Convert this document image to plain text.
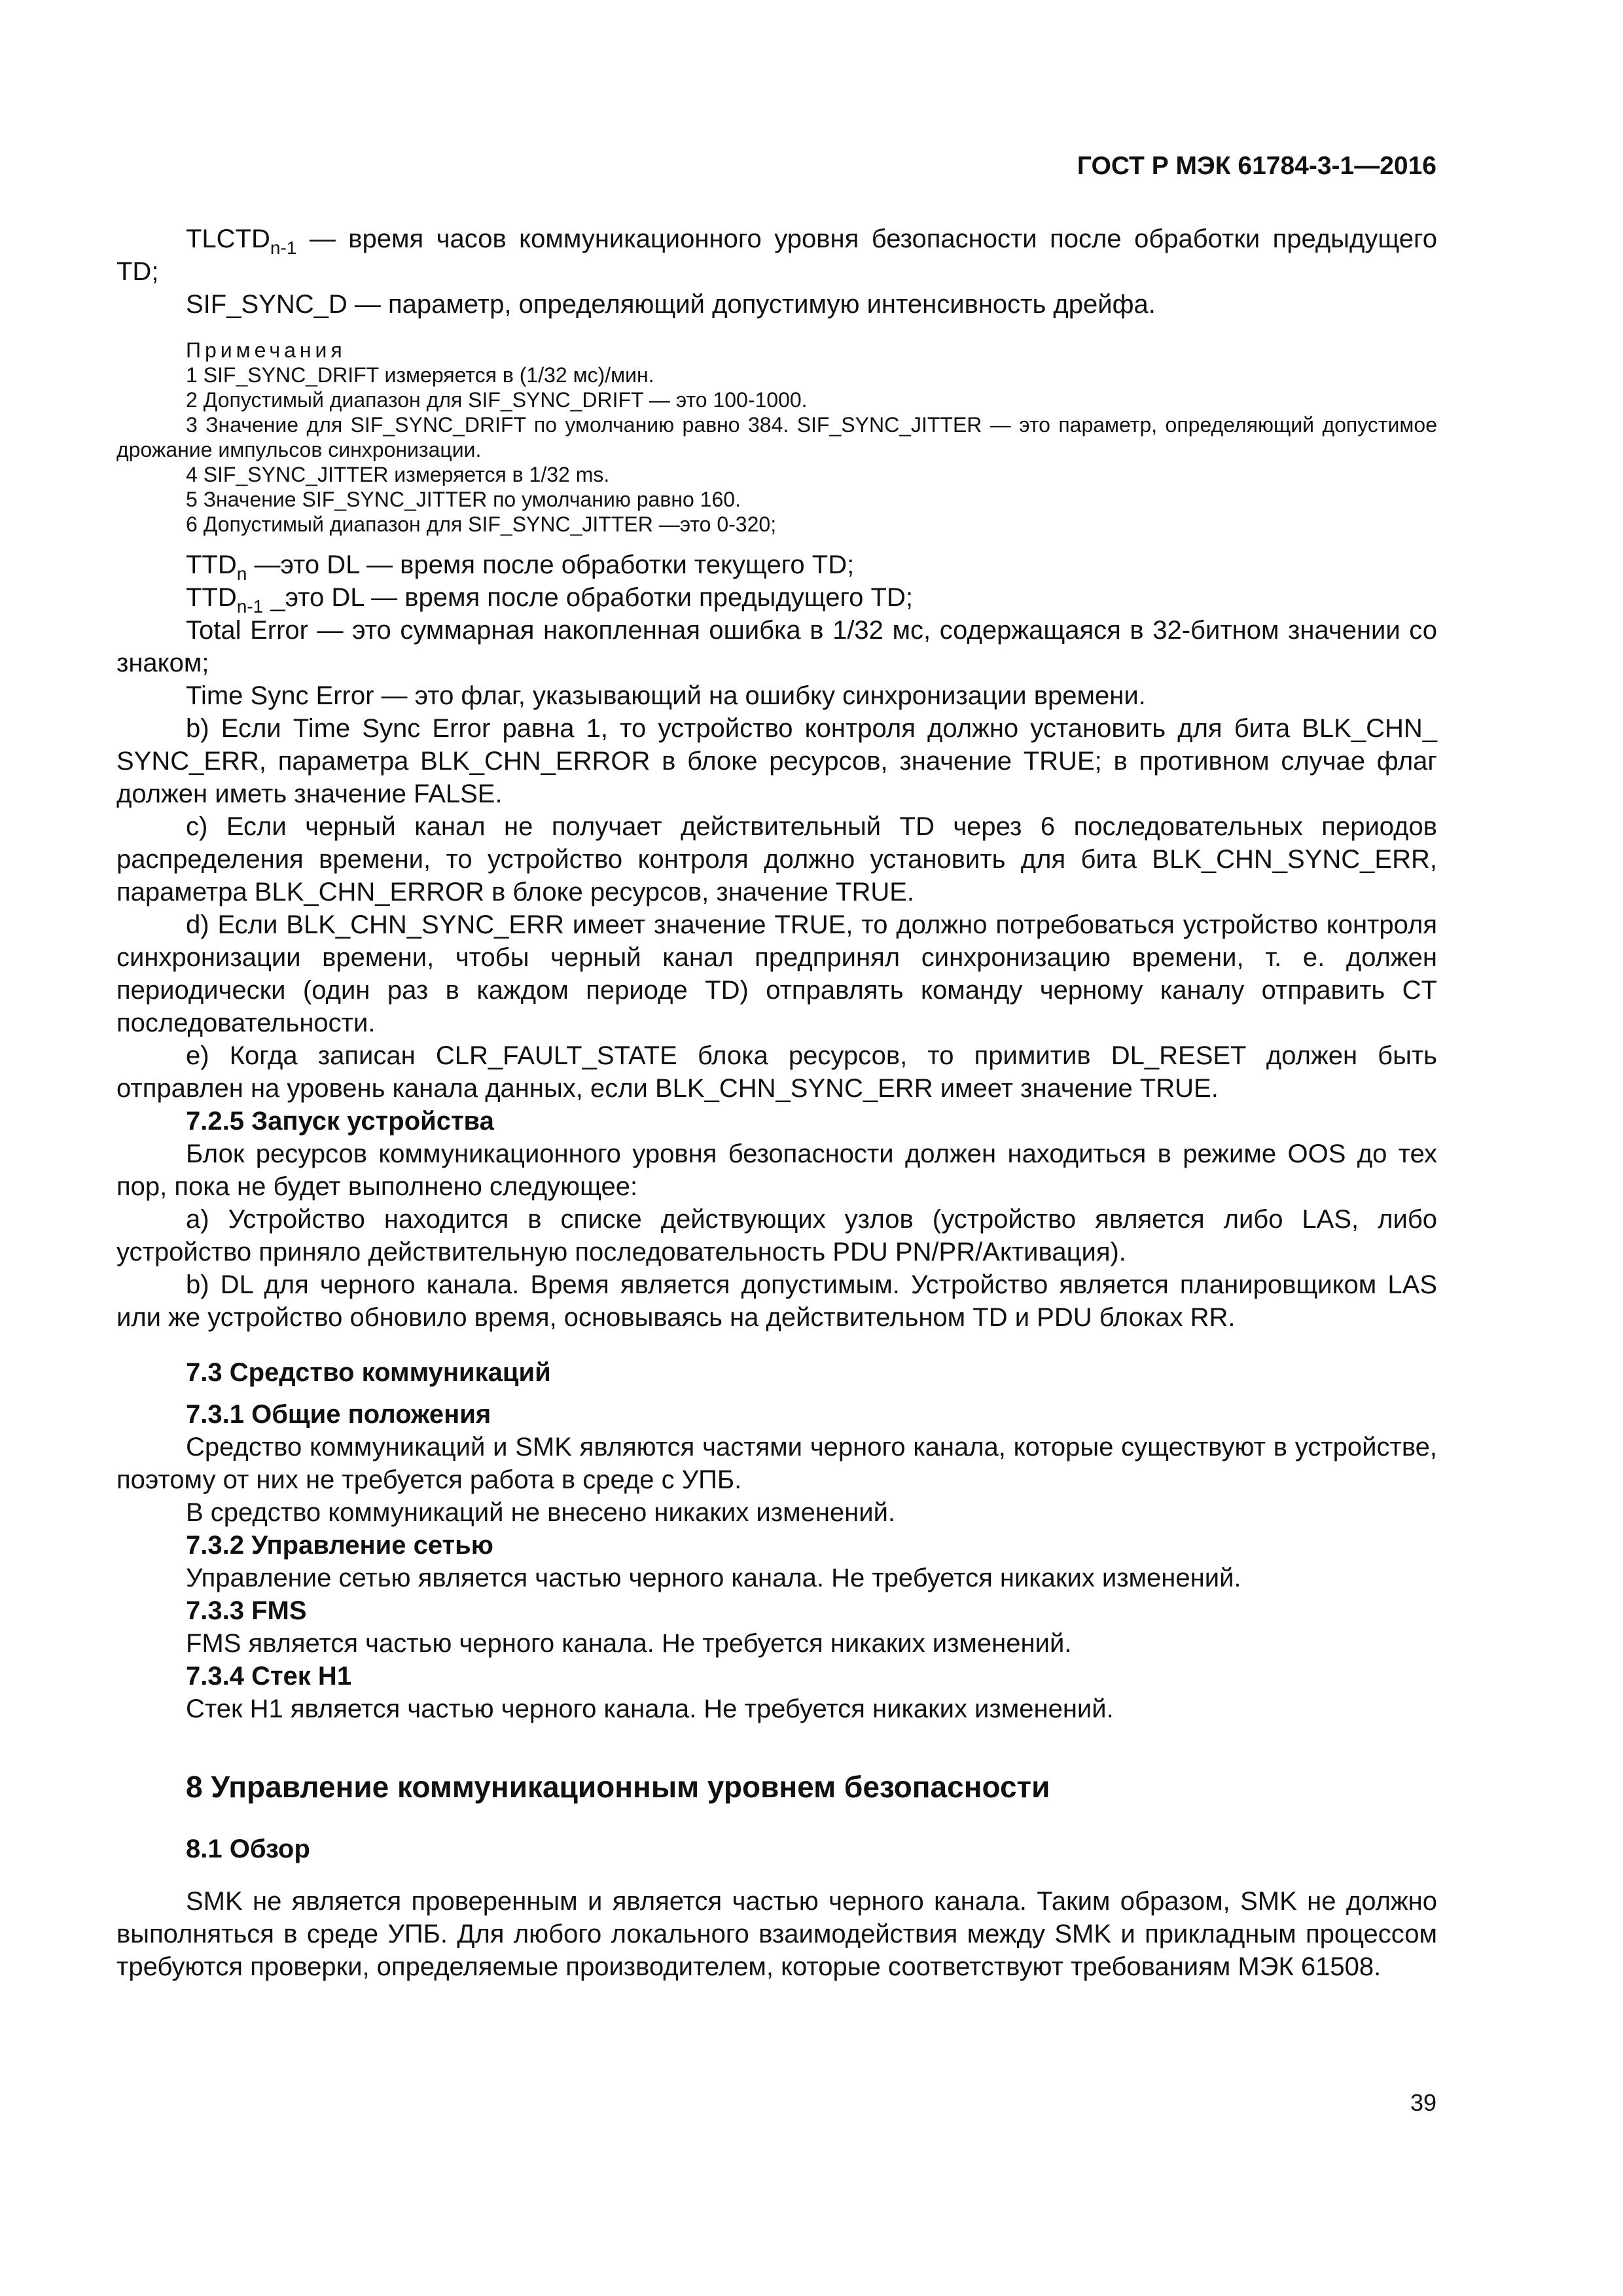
ГОСТ Р МЭК 61784-3-1—2016

$TLCTD_{n-1}$ — время часов коммуникационного уровня безопасности после обработки предыдущего TD;

SIF_SYNC_D — параметр, определяющий допустимую интенсивность дрейфа.

Примечания

1 SIF_SYNC_DRIFT измеряется в (1/32 мс)/мин.

2 Допустимый диапазон для SIF_SYNC_DRIFT — это 100-1000.

3 Значение для SIF_SYNC_DRIFT по умолчанию равно 384. SIF_SYNC_JITTER — это параметр, определяющий допустимое дрожание импульсов синхронизации.

4 SIF_SYNC_JITTER измеряется в 1/32 ms.

5 Значение SIF_SYNC_JITTER по умолчанию равно 160.

6 Допустимый диапазон для SIF_SYNC_JITTER —это 0-320;

$TTD_n$ —это DL — время после обработки текущего TD;

$TTD_{n-1}$ _это DL — время после обработки предыдущего TD;

Total Error — это суммарная накопленная ошибка в 1/32 мс, содержащаяся в 32-битном значении со знаком;

Time Sync Error — это флаг, указывающий на ошибку синхронизации времени.

b) Если Time Sync Error равна 1, то устройство контроля должно установить для бита BLK_CHN_ SYNC_ERR, параметра BLK_CHN_ERROR в блоке ресурсов, значение TRUE; в противном случае флаг должен иметь значение FALSE.

c) Если черный канал не получает действительный TD через 6 последовательных периодов распределения времени, то устройство контроля должно установить для бита BLK_CHN_SYNC_ERR, параметра BLK_CHN_ERROR в блоке ресурсов, значение TRUE.

d) Если BLK_CHN_SYNC_ERR имеет значение TRUE, то должно потребоваться устройство контроля синхронизации времени, чтобы черный канал предпринял синхронизацию времени, т. е. должен периодически (один раз в каждом периоде TD) отправлять команду черному каналу отправить CT последовательности.

e) Когда записан CLR_FAULT_STATE блока ресурсов, то примитив DL_RESET должен быть отправлен на уровень канала данных, если BLK_CHN_SYNC_ERR имеет значение TRUE.

7.2.5 Запуск устройства

Блок ресурсов коммуникационного уровня безопасности должен находиться в режиме OOS до тех пор, пока не будет выполнено следующее:

a) Устройство находится в списке действующих узлов (устройство является либо LAS, либо устройство приняло действительную последовательность PDU PN/PR/Активация).

b) DL для черного канала. Время является допустимым. Устройство является планировщиком LAS или же устройство обновило время, основываясь на действительном TD и PDU блоках RR.

7.3 Средство коммуникаций

7.3.1 Общие положения

Средство коммуникаций и SMK являются частями черного канала, которые существуют в устройстве, поэтому от них не требуется работа в среде с УПБ.

В средство коммуникаций не внесено никаких изменений.

7.3.2 Управление сетью

Управление сетью является частью черного канала. Не требуется никаких изменений.

7.3.3 FMS

FMS является частью черного канала. Не требуется никаких изменений.

7.3.4 Стек H1

Стек H1 является частью черного канала. Не требуется никаких изменений.

8 Управление коммуникационным уровнем безопасности

8.1 Обзор

SMK не является проверенным и является частью черного канала. Таким образом, SMK не должно выполняться в среде УПБ. Для любого локального взаимодействия между SMK и прикладным процессом требуются проверки, определяемые производителем, которые соответствуют требованиям МЭК 61508.

39
